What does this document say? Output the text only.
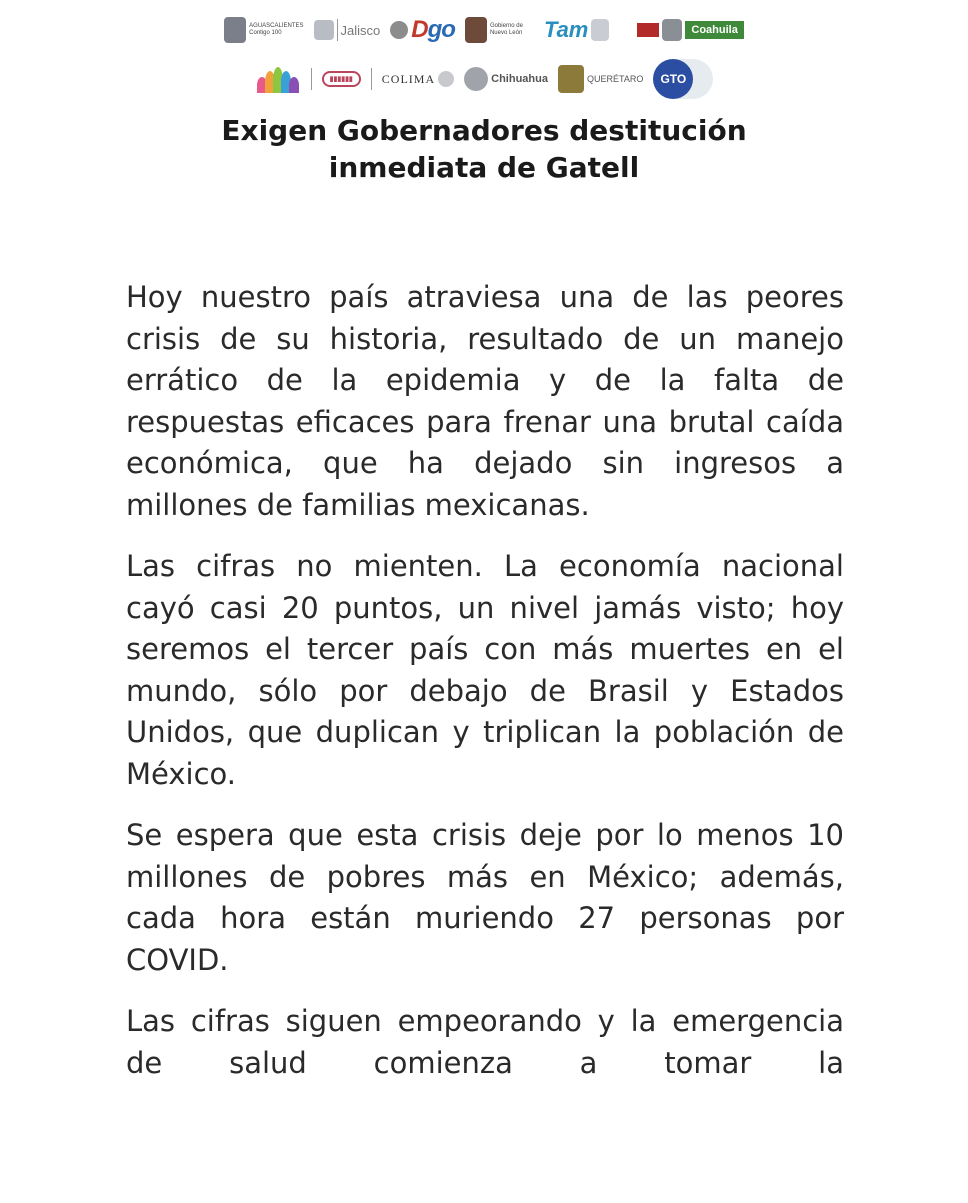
AGUASCALIENTES
Contigo 100	Jalisco Dgo	Gobierno de Nuevo León Tam	Coahuila
▮▮▮▮▮▮	COLIMA	Chihuahua	QUERÉTARO	GTO
Exigen Gobernadores destitución
inmediata de Gatell

Hoy nuestro país atraviesa una de las peores crisis de su historia, resultado de un manejo errático de la epidemia y de la falta de respuestas eficaces para frenar una brutal caída económica, que ha dejado sin ingresos a millones de familias mexicanas.

Las cifras no mienten. La economía nacional cayó casi 20 puntos, un nivel jamás visto; hoy seremos el tercer país con más muertes en el mundo, sólo por debajo de Brasil y Estados Unidos, que duplican y triplican la población de México.

Se espera que esta crisis deje por lo menos 10 millones de pobres más en México; además, cada hora están muriendo 27 personas por COVID.

Las cifras siguen empeorando y la emergencia de salud comienza a tomar la
